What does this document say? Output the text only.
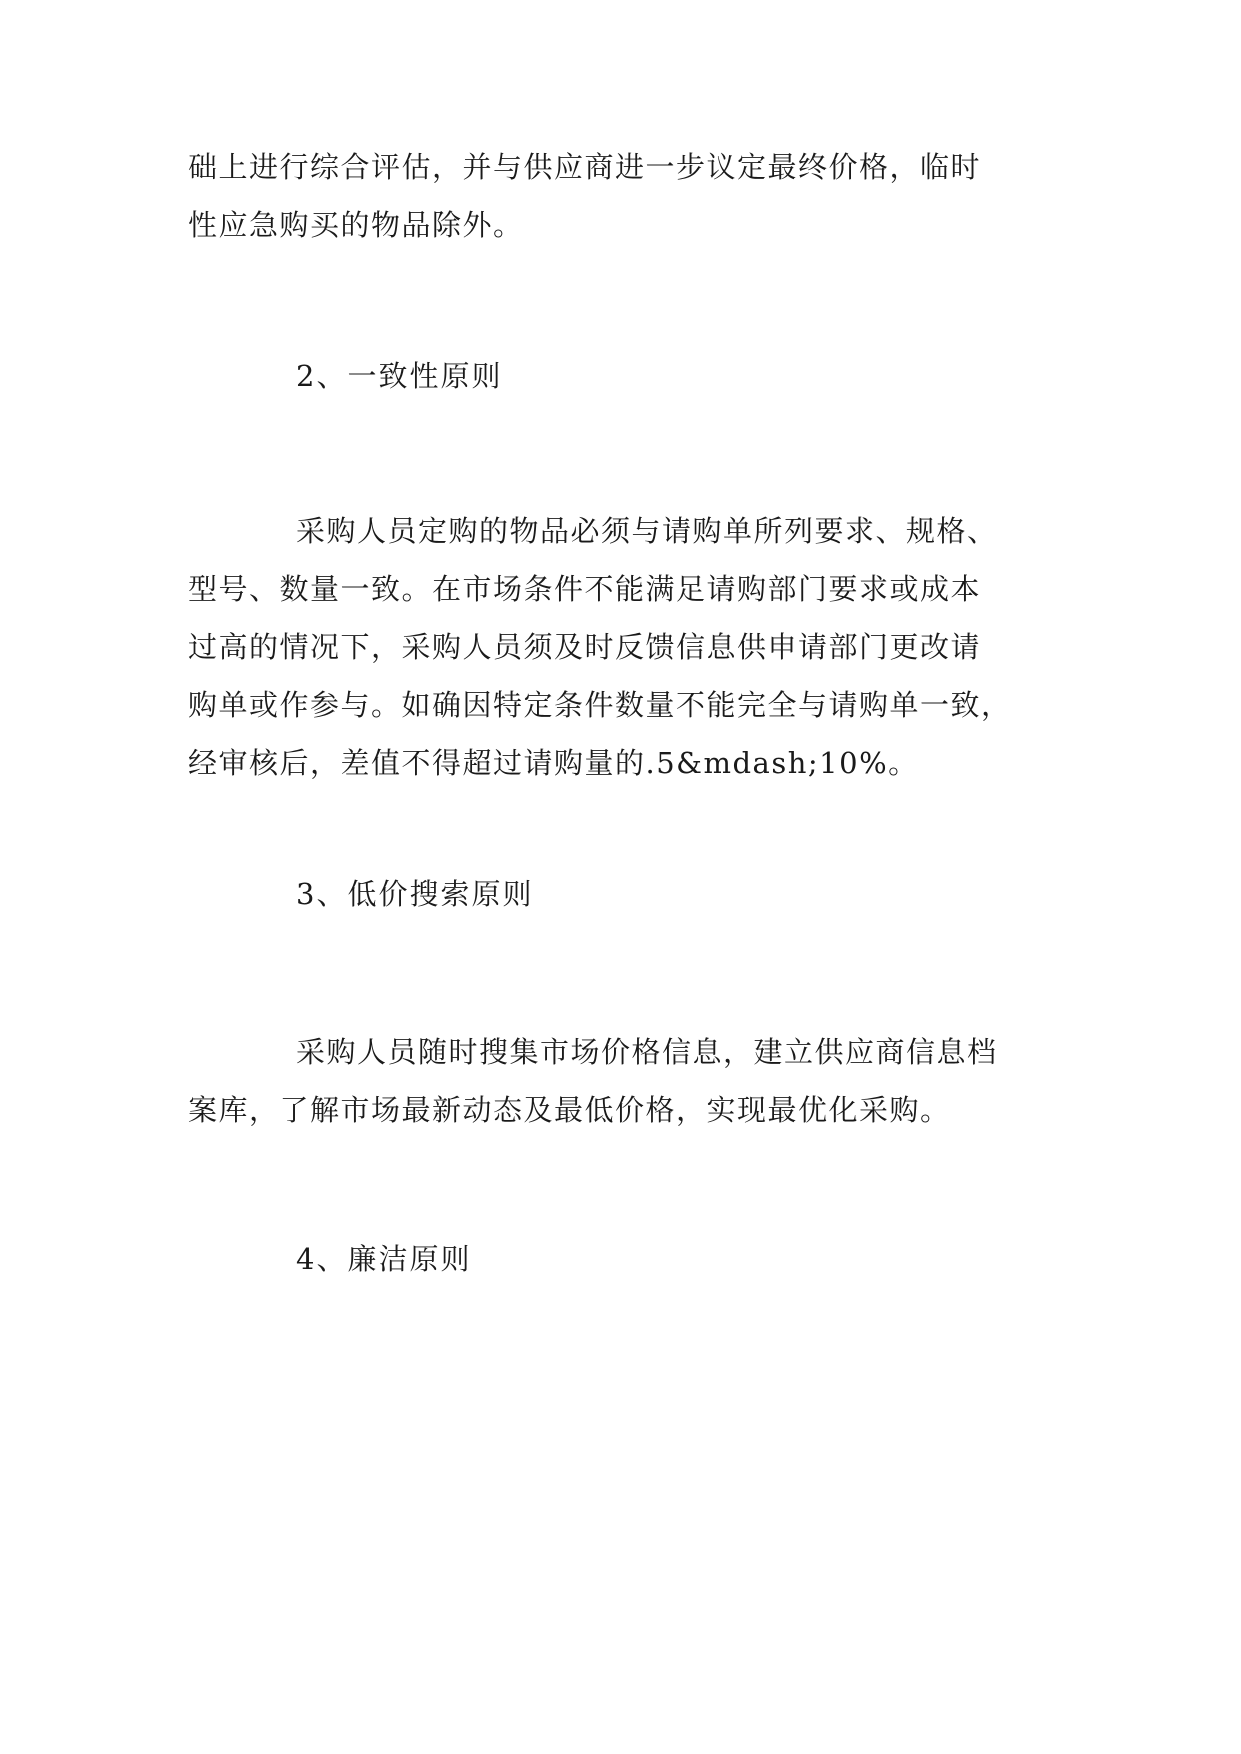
础上进行综合评估，并与供应商进一步议定最终价格，临时

性应急购买的物品除外。

2、一致性原则

采购人员定购的物品必须与请购单所列要求、规格、

型号、数量一致。在市场条件不能满足请购部门要求或成本

过高的情况下，采购人员须及时反馈信息供申请部门更改请

购单或作参与。如确因特定条件数量不能完全与请购单一致，

经审核后，差值不得超过请购量的.5&mdash;10%。

3、低价搜索原则

采购人员随时搜集市场价格信息，建立供应商信息档

案库，了解市场最新动态及最低价格，实现最优化采购。

4、廉洁原则
